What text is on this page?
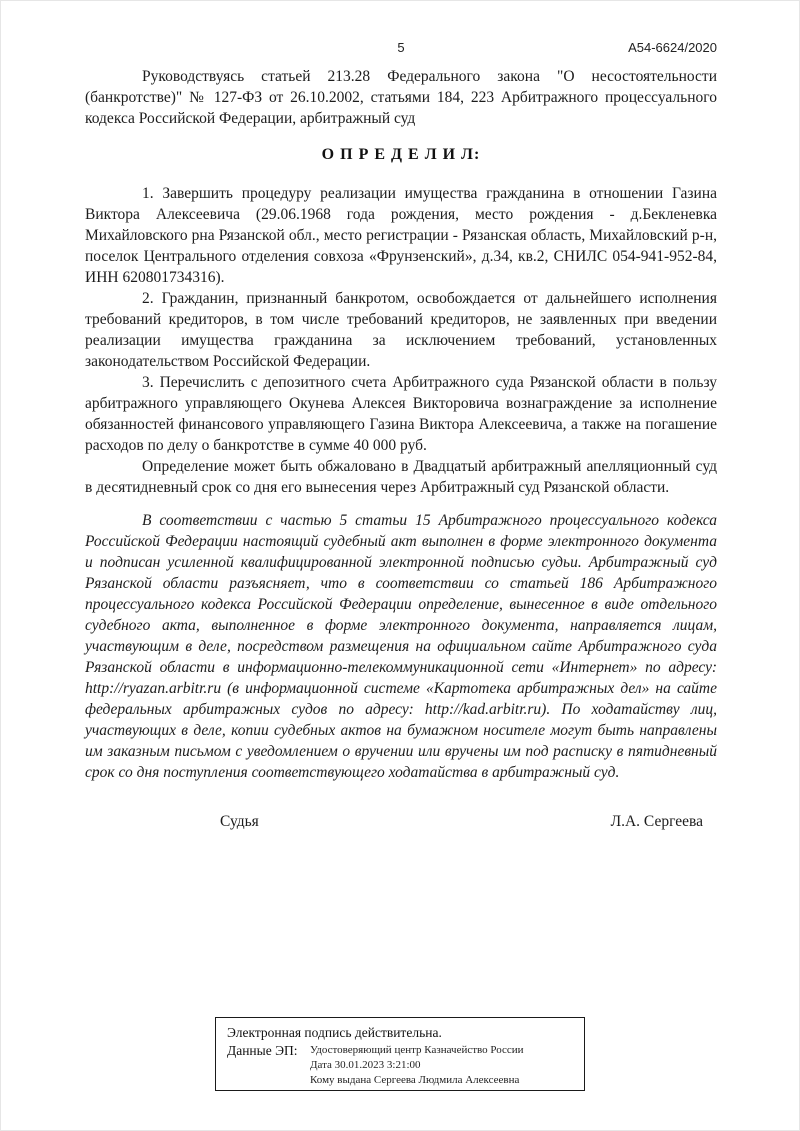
5	А54-6624/2020

Руководствуясь статьей 213.28 Федерального закона "О несостоятельности (банкротстве)" № 127-ФЗ от 26.10.2002, статьями 184, 223 Арбитражного процессуального кодекса Российской Федерации, арбитражный суд

О П Р Е Д Е Л И Л:

1. Завершить процедуру реализации имущества гражданина в отношении Газина Виктора Алексеевича (29.06.1968 года рождения, место рождения - д.Бекленевка Михайловского рна Рязанской обл., место регистрации - Рязанская область, Михайловский р-н, поселок Центрального отделения совхоза «Фрунзенский», д.34, кв.2, СНИЛС 054-941-952-84, ИНН 620801734316).

2. Гражданин, признанный банкротом, освобождается от дальнейшего исполнения требований кредиторов, в том числе требований кредиторов, не заявленных при введении реализации имущества гражданина за исключением требований, установленных законодательством Российской Федерации.

3. Перечислить с депозитного счета Арбитражного суда Рязанской области в пользу арбитражного управляющего Окунева Алексея Викторовича вознаграждение за исполнение обязанностей финансового управляющего Газина Виктора Алексеевича, а также на погашение расходов по делу о банкротстве в сумме 40 000 руб.

Определение может быть обжаловано в Двадцатый арбитражный апелляционный суд в десятидневный срок со дня его вынесения через Арбитражный суд Рязанской области.

В соответствии с частью 5 статьи 15 Арбитражного процессуального кодекса Российской Федерации настоящий судебный акт выполнен в форме электронного документа и подписан усиленной квалифицированной электронной подписью судьи. Арбитражный суд Рязанской области разъясняет, что в соответствии со статьей 186 Арбитражного процессуального кодекса Российской Федерации определение, вынесенное в виде отдельного судебного акта, выполненное в форме электронного документа, направляется лицам, участвующим в деле, посредством размещения на официальном сайте Арбитражного суда Рязанской области в информационно-телекоммуникационной сети «Интернет» по адресу: http://ryazan.arbitr.ru (в информационной системе «Картотека арбитражных дел» на сайте федеральных арбитражных судов по адресу: http://kad.arbitr.ru). По ходатайству лиц, участвующих в деле, копии судебных актов на бумажном носителе могут быть направлены им заказным письмом с уведомлением о вручении или вручены им под расписку в пятидневный срок со дня поступления соответствующего ходатайства в арбитражный суд.

Судья	Л.А. Сергеева
Электронная подпись действительна.
Данные ЭП:	Удостоверяющий центр Казначейство России
Дата 30.01.2023 3:21:00
Кому выдана Сергеева Людмила Алексеевна
